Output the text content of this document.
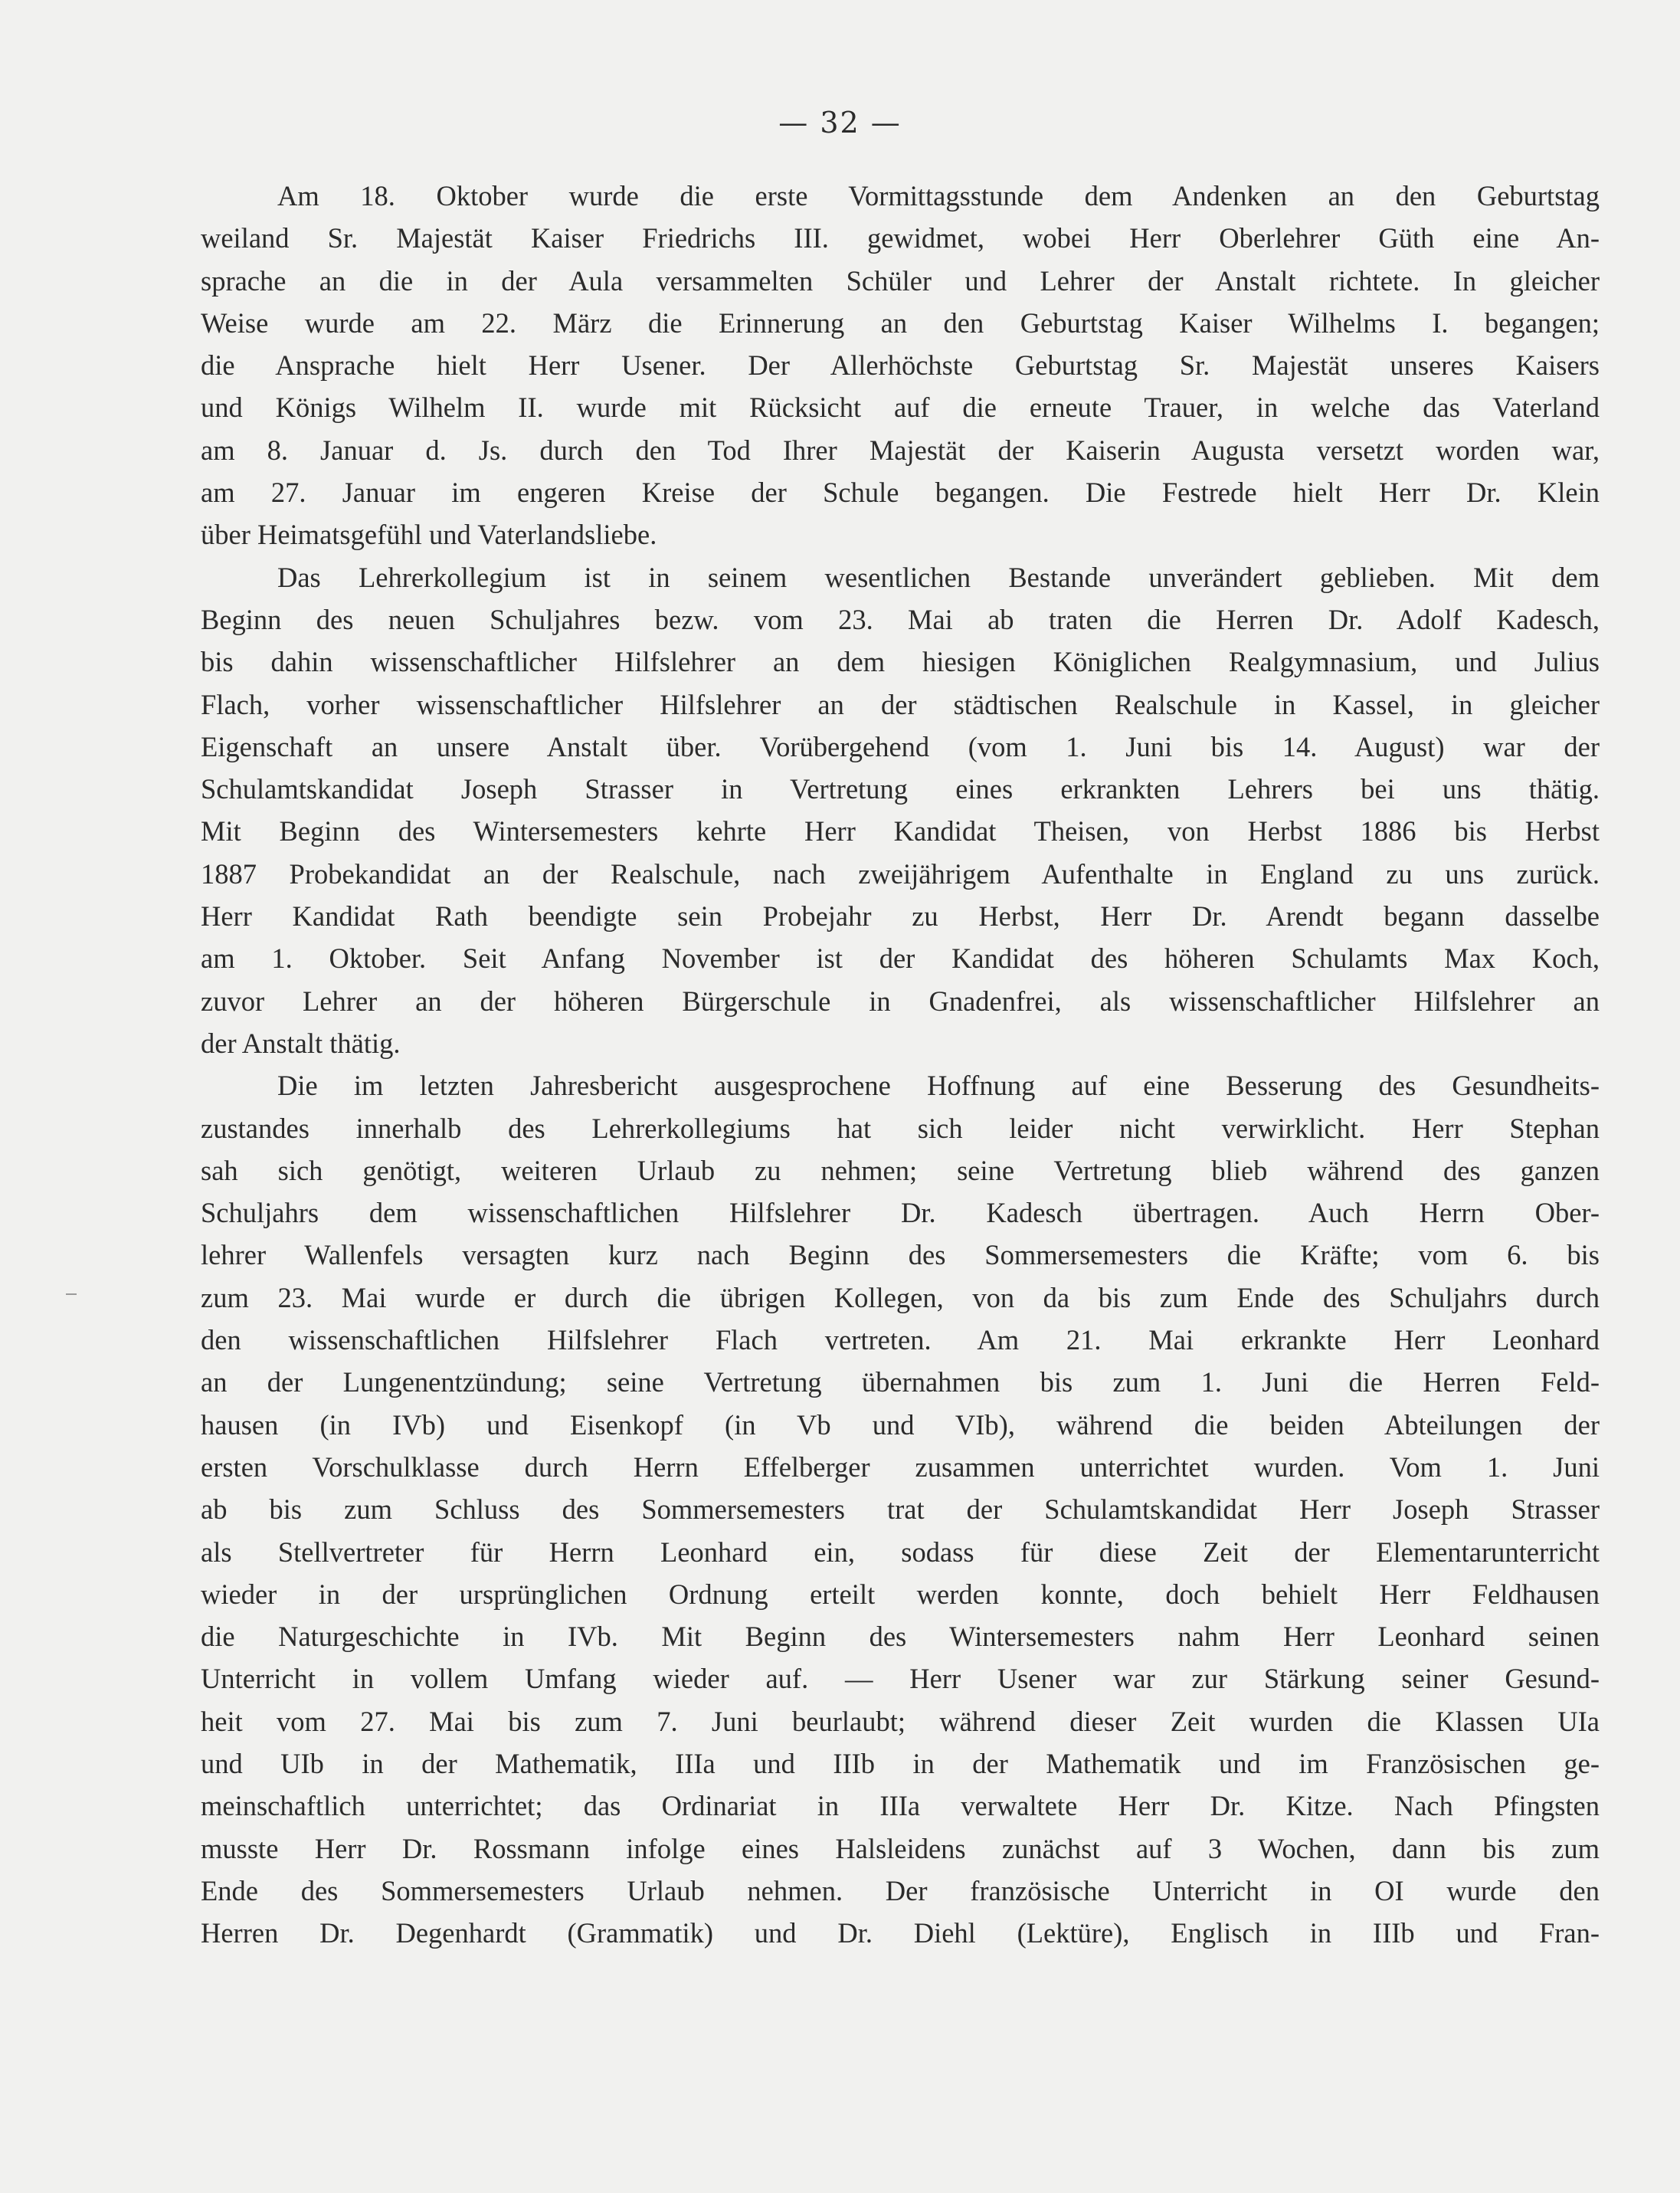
— 32 —
Am 18. Oktober wurde die erste Vormittagsstunde dem Andenken an den Geburtstag
weiland Sr. Majestät Kaiser Friedrichs III. gewidmet, wobei Herr Oberlehrer Güth eine An-
sprache an die in der Aula versammelten Schüler und Lehrer der Anstalt richtete. In gleicher
Weise wurde am 22. März die Erinnerung an den Geburtstag Kaiser Wilhelms I. begangen;
die Ansprache hielt Herr Usener. Der Allerhöchste Geburtstag Sr. Majestät unseres Kaisers
und Königs Wilhelm II. wurde mit Rücksicht auf die erneute Trauer, in welche das Vaterland
am 8. Januar d. Js. durch den Tod Ihrer Majestät der Kaiserin Augusta versetzt worden war,
am 27. Januar im engeren Kreise der Schule begangen. Die Festrede hielt Herr Dr. Klein
über Heimatsgefühl und Vaterlandsliebe.
Das Lehrerkollegium ist in seinem wesentlichen Bestande unverändert geblieben. Mit dem
Beginn des neuen Schuljahres bezw. vom 23. Mai ab traten die Herren Dr. Adolf Kadesch,
bis dahin wissenschaftlicher Hilfslehrer an dem hiesigen Königlichen Realgymnasium, und Julius
Flach, vorher wissenschaftlicher Hilfslehrer an der städtischen Realschule in Kassel, in gleicher
Eigenschaft an unsere Anstalt über. Vorübergehend (vom 1. Juni bis 14. August) war der
Schulamtskandidat Joseph Strasser in Vertretung eines erkrankten Lehrers bei uns thätig.
Mit Beginn des Wintersemesters kehrte Herr Kandidat Theisen, von Herbst 1886 bis Herbst
1887 Probekandidat an der Realschule, nach zweijährigem Aufenthalte in England zu uns zurück.
Herr Kandidat Rath beendigte sein Probejahr zu Herbst, Herr Dr. Arendt begann dasselbe
am 1. Oktober. Seit Anfang November ist der Kandidat des höheren Schulamts Max Koch,
zuvor Lehrer an der höheren Bürgerschule in Gnadenfrei, als wissenschaftlicher Hilfslehrer an
der Anstalt thätig.
Die im letzten Jahresbericht ausgesprochene Hoffnung auf eine Besserung des Gesundheits-
zustandes innerhalb des Lehrerkollegiums hat sich leider nicht verwirklicht. Herr Stephan
sah sich genötigt, weiteren Urlaub zu nehmen; seine Vertretung blieb während des ganzen
Schuljahrs dem wissenschaftlichen Hilfslehrer Dr. Kadesch übertragen. Auch Herrn Ober-
lehrer Wallenfels versagten kurz nach Beginn des Sommersemesters die Kräfte; vom 6. bis
zum 23. Mai wurde er durch die übrigen Kollegen, von da bis zum Ende des Schuljahrs durch
den wissenschaftlichen Hilfslehrer Flach vertreten. Am 21. Mai erkrankte Herr Leonhard
an der Lungenentzündung; seine Vertretung übernahmen bis zum 1. Juni die Herren Feld-
hausen (in IVb) und Eisenkopf (in Vb und VIb), während die beiden Abteilungen der
ersten Vorschulklasse durch Herrn Effelberger zusammen unterrichtet wurden. Vom 1. Juni
ab bis zum Schluss des Sommersemesters trat der Schulamtskandidat Herr Joseph Strasser
als Stellvertreter für Herrn Leonhard ein, sodass für diese Zeit der Elementarunterricht
wieder in der ursprünglichen Ordnung erteilt werden konnte, doch behielt Herr Feldhausen
die Naturgeschichte in IVb. Mit Beginn des Wintersemesters nahm Herr Leonhard seinen
Unterricht in vollem Umfang wieder auf. — Herr Usener war zur Stärkung seiner Gesund-
heit vom 27. Mai bis zum 7. Juni beurlaubt; während dieser Zeit wurden die Klassen UIa
und UIb in der Mathematik, IIIa und IIIb in der Mathematik und im Französischen ge-
meinschaftlich unterrichtet; das Ordinariat in IIIa verwaltete Herr Dr. Kitze. Nach Pfingsten
musste Herr Dr. Rossmann infolge eines Halsleidens zunächst auf 3 Wochen, dann bis zum
Ende des Sommersemesters Urlaub nehmen. Der französische Unterricht in OI wurde den
Herren Dr. Degenhardt (Grammatik) und Dr. Diehl (Lektüre), Englisch in IIIb und Fran-
